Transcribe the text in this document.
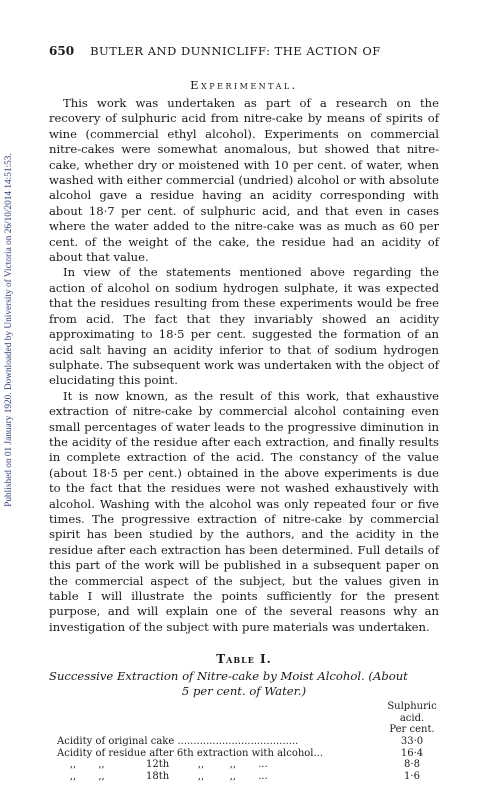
Published on 01 January 1920. Downloaded by University of Victoria on 26/10/2014 14:51:53.
650 BUTLER AND DUNNICLIFF: THE ACTION OF
Experimental.

This work was undertaken as part of a research on the recovery of sulphuric acid from nitre-cake by means of spirits of wine (commercial ethyl alcohol). Experiments on commercial nitre-cakes were somewhat anomalous, but showed that nitre-cake, whether dry or moistened with 10 per cent. of water, when washed with either commercial (undried) alcohol or with absolute alcohol gave a residue having an acidity corresponding with about 18·7 per cent. of sulphuric acid, and that even in cases where the water added to the nitre-cake was as much as 60 per cent. of the weight of the cake, the residue had an acidity of about that value.

In view of the statements mentioned above regarding the action of alcohol on sodium hydrogen sulphate, it was expected that the residues resulting from these experiments would be free from acid. The fact that they invariably showed an acidity approximating to 18·5 per cent. suggested the formation of an acid salt having an acidity inferior to that of sodium hydrogen sulphate. The subsequent work was undertaken with the object of elucidating this point.

It is now known, as the result of this work, that exhaustive extraction of nitre-cake by commercial alcohol containing even small percentages of water leads to the progressive diminution in the acidity of the residue after each extraction, and finally results in complete extraction of the acid. The constancy of the value (about 18·5 per cent.) obtained in the above experiments is due to the fact that the residues were not washed exhaustively with alcohol. Washing with the alcohol was only repeated four or five times. The progressive extraction of nitre-cake by commercial spirit has been studied by the authors, and the acidity in the residue after each extraction has been determined. Full details of this part of the work will be published in a subsequent paper on the commercial aspect of the subject, but the values given in table I will illustrate the points sufficiently for the present purpose, and will explain one of the several reasons why an investigation of the subject with pure materials was undertaken.

Table I.
Successive Extraction of Nitre-cake by Moist Alcohol. (About
5 per cent. of Water.)
Sulphuric
acid.
Per cent.
Acidity of original cake ......................................	33·0
Acidity of residue after 6th extraction with alcohol...	16·4
,,       ,,             12th         ,,        ,,       ...	8·8
,,       ,,             18th         ,,        ,,       ...	1·6
